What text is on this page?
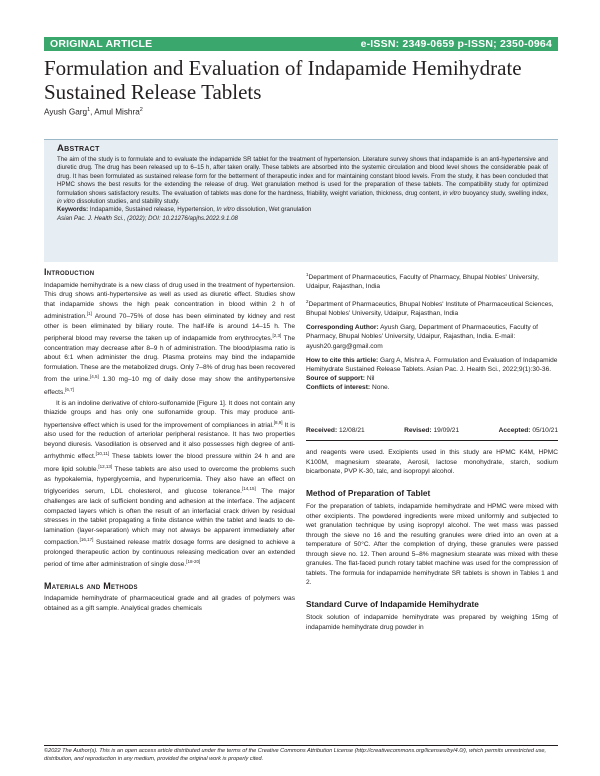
ORIGINAL ARTICLE	e-ISSN: 2349-0659 p-ISSN; 2350-0964
Formulation and Evaluation of Indapamide Hemihydrate Sustained Release Tablets
Ayush Garg$^1$, Amul Mishra$^2$
Abstract
The aim of the study is to formulate and to evaluate the indapamide SR tablet for the treatment of hypertension. Literature survey shows that indapamide is an anti-hypertensive and diuretic drug. The drug has been released up to 6–15 h, after taken orally. These tablets are absorbed into the systemic circulation and blood level shows the considerable peak of drug. It has been formulated as sustained release form for the betterment of therapeutic index and for maintaining constant blood levels. From the study, it has been concluded that HPMC shows the best results for the extending the release of drug. Wet granulation method is used for the preparation of these tablets. The compatibility study for optimized formulation shows satisfactory results. The evaluation of tablets was done for the hardness, friability, weight variation, thickness, drug content, in vitro buoyancy study, swelling index, in vitro dissolution studies, and stability study.
Keywords: Indapamide, Sustained release, Hypertension, In vitro dissolution, Wet granulation
Asian Pac. J. Health Sci., (2022); DOI: 10.21276/apjhs.2022.9.1.08
Introduction

Indapamide hemihydrate is a new class of drug used in the treatment of hypertension. This drug shows anti-hypertensive as well as used as diuretic effect. Studies show that indapamide shows the high peak concentration in blood within 2 h of administration.[1] Around 70–75% of dose has been eliminated by kidney and rest other is been eliminated by biliary route. The half-life is around 14–15 h. The peripheral blood may reverse the taken up of indapamide from erythrocytes.[2,3] The concentration may decrease after 8–9 h of administration. The blood/plasma ratio is about 6:1 when administer the drug. Plasma proteins may bind the indapamide formulation. These are the metabolized drugs. Only 7–8% of drug has been recovered from the urine.[4,5] 1.30 mg–10 mg of daily dose may show the antihypertensive effects.[6,7]

It is an indoline derivative of chloro-sulfonamide [Figure 1]. It does not contain any thiazide groups and has only one sulfonamide group. This may produce anti-hypertensive effect which is used for the improvement of compliances in atrial.[8,9] It is also used for the reduction of arteriolar peripheral resistance. It has two properties beyond diuresis. Vasodilation is observed and it also possesses high degree of anti-arrhythmic effect.[10,11] These tablets lower the blood pressure within 24 h and are more lipid soluble.[12,13] These tablets are also used to overcome the problems such as hypokalemia, hyperglycemia, and hyperuricemia. They also have an effect on triglycerides serum, LDL cholesterol, and glucose tolerance.[14,15] The major challenges are lack of sufficient bonding and adhesion at the interface. The adjacent compacted layers which is often the result of an interfacial crack driven by residual stresses in the tablet propagating a finite distance within the tablet and leads to de-lamination (layer-separation) which may not always be apparent immediately after compaction.[16,17] Sustained release matrix dosage forms are designed to achieve a prolonged therapeutic action by continuous releasing medication over an extended period of time after administration of single dose.[18-20]

Materials and Methods

Indapamide hemihydrate of pharmaceutical grade and all grades of polymers was obtained as a gift sample. Analytical grades chemicals

$^1$Department of Pharmaceutics, Faculty of Pharmacy, Bhupal Nobles' University, Udaipur, Rajasthan, India
$^2$Department of Pharmaceutics, Bhupal Nobles' Institute of Pharmaceutical Sciences, Bhupal Nobles' University, Udaipur, Rajasthan, India
Corresponding Author: Ayush Garg, Department of Pharmaceutics, Faculty of Pharmacy, Bhupal Nobles' University, Udaipur, Rajasthan, India. E-mail: ayush20.garg@gmail.com
How to cite this article: Garg A, Mishra A. Formulation and Evaluation of Indapamide Hemihydrate Sustained Release Tablets. Asian Pac. J. Health Sci., 2022;9(1):30-36.
Source of support: Nil
Conflicts of interest: None.
Received: 12/08/21	Revised: 19/09/21	Accepted: 05/10/21

and reagents were used. Excipients used in this study are HPMC K4M, HPMC K100M, magnesium stearate, Aerosil, lactose monohydrate, starch, sodium bicarbonate, PVP K-30, talc, and isopropyl alcohol.

Method of Preparation of Tablet

For the preparation of tablets, indapamide hemihydrate and HPMC were mixed with other excipients. The powdered ingredients were mixed uniformly and subjected to wet granulation technique by using isopropyl alcohol. The wet mass was passed through the sieve no 16 and the resulting granules were dried into an oven at a temperature of 50°C. After the completion of drying, these granules were passed through sieve no. 12. Then around 5–8% magnesium stearate was mixed with these granules. The flat-faced punch rotary tablet machine was used for the compression of tablets. The formula for indapamide hemihydrate SR tablets is shown in Tables 1 and 2.

Standard Curve of Indapamide Hemihydrate

Stock solution of indapamide hemihydrate was prepared by weighing 15mg of indapamide hemihydrate drug powder in

©2022 The Author(s). This is an open access article distributed under the terms of the Creative Commons Attribution License (http://creativecommons.org/licenses/by/4.0/), which permits unrestricted use, distribution, and reproduction in any medium, provided the original work is properly cited.
